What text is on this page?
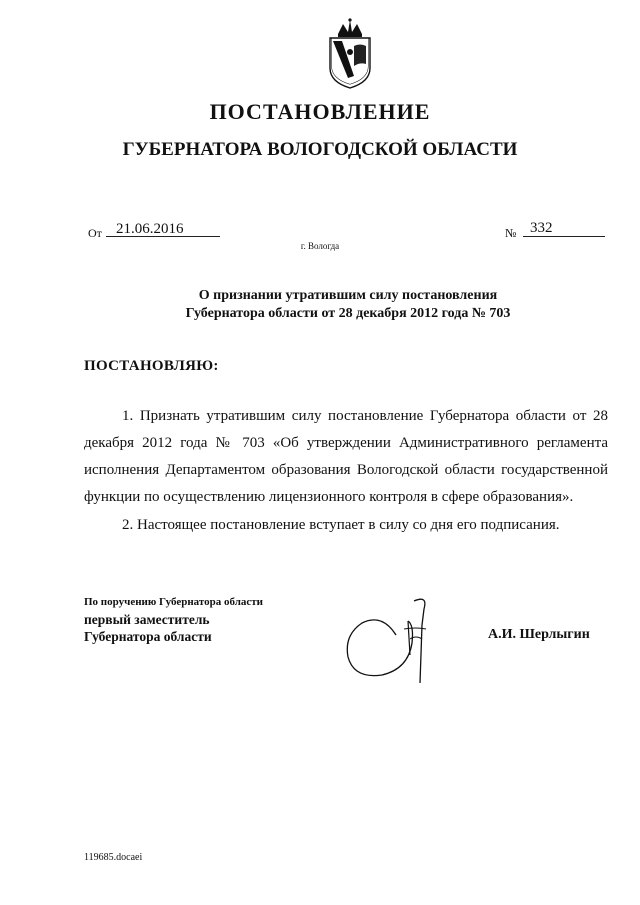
ПОСТАНОВЛЕНИЕ
ГУБЕРНАТОРА ВОЛОГОДСКОЙ ОБЛАСТИ
От 21.06.2016	№ 332
г. Вологда
О признании утратившим силу постановления
Губернатора области от 28 декабря 2012 года № 703
ПОСТАНОВЛЯЮ:

1. Признать утратившим силу постановление Губернатора области от 28 декабря 2012 года № 703 «Об утверждении Административного регламента исполнения Департаментом образования Вологодской области государственной функции по осуществлению лицензионного контроля в сфере образования».

2. Настоящее постановление вступает в силу со дня его подписания.

По поручению Губернатора области
первый заместитель
Губернатора области	А.И. Шерлыгин
119685.docaei
